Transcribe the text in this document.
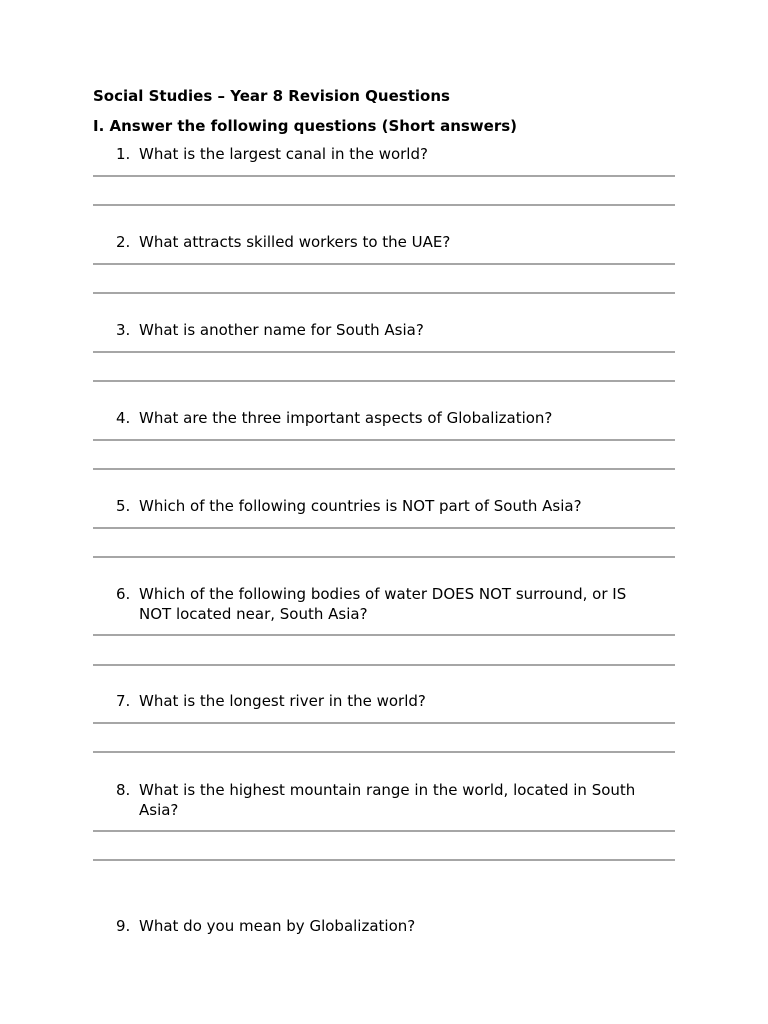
Social Studies – Year 8 Revision Questions
I. Answer the following questions (Short answers)
1. What is the largest canal in the world?
2. What attracts skilled workers to the UAE?
3. What is another name for South Asia?
4. What are the three important aspects of Globalization?
5. Which of the following countries is NOT part of South Asia?
6. Which of the following bodies of water DOES NOT surround, or IS NOT located near, South Asia?
7. What is the longest river in the world?
8. What is the highest mountain range in the world, located in South Asia?
9. What do you mean by Globalization?
